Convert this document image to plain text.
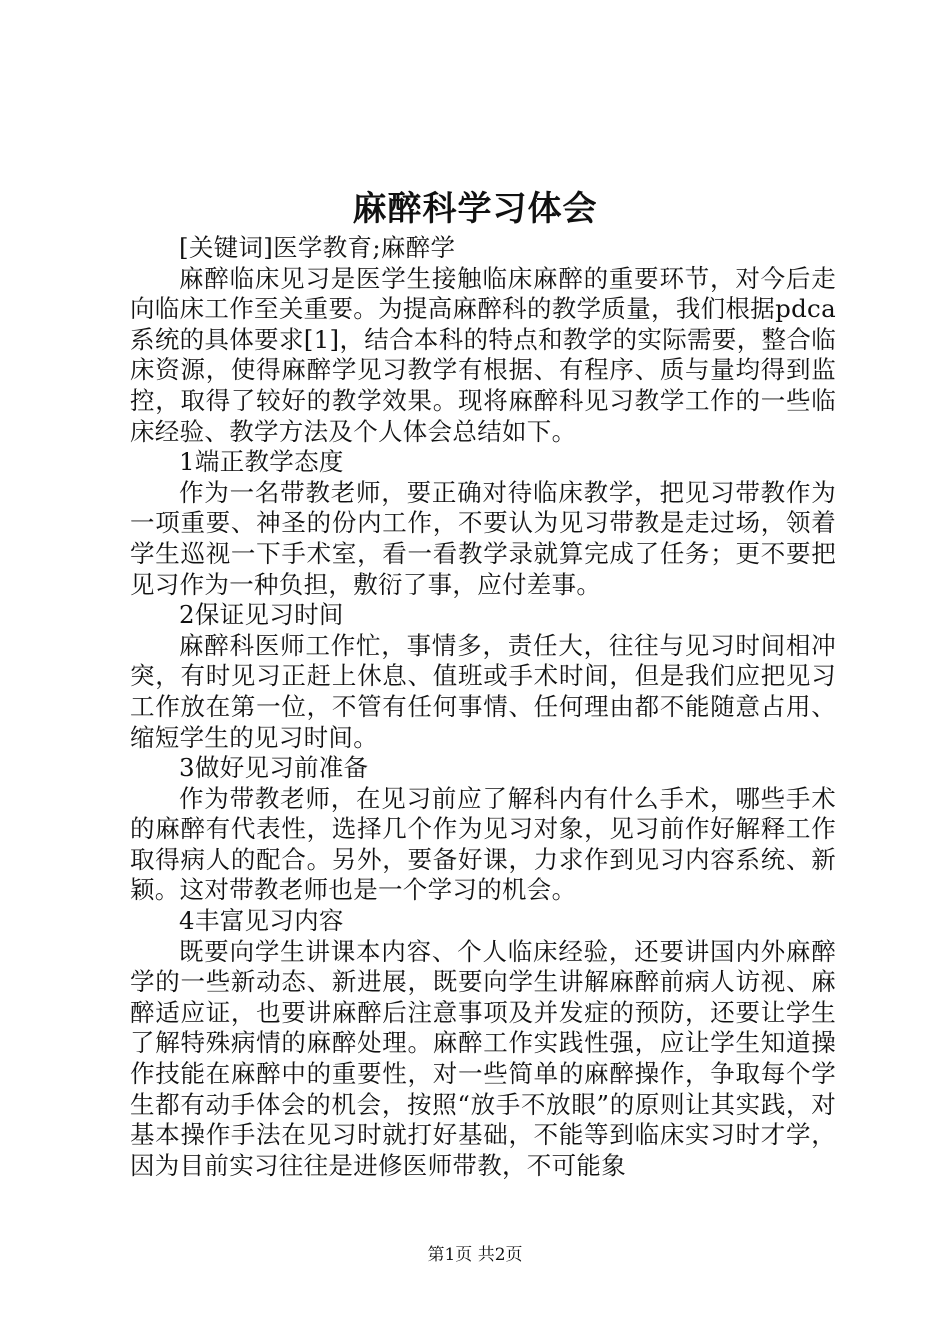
麻醉科学习体会

[关键词]医学教育;麻醉学

麻醉临床见习是医学生接触临床麻醉的重要环节，对今后走向临床工作至关重要。为提高麻醉科的教学质量，我们根据pdca系统的具体要求[1]，结合本科的特点和教学的实际需要，整合临床资源，使得麻醉学见习教学有根据、有程序、质与量均得到监控，取得了较好的教学效果。现将麻醉科见习教学工作的一些临床经验、教学方法及个人体会总结如下。

1端正教学态度

作为一名带教老师，要正确对待临床教学，把见习带教作为一项重要、神圣的份内工作，不要认为见习带教是走过场，领着学生巡视一下手术室，看一看教学录就算完成了任务；更不要把见习作为一种负担，敷衍了事，应付差事。

2保证见习时间

麻醉科医师工作忙，事情多，责任大，往往与见习时间相冲突，有时见习正赶上休息、值班或手术时间，但是我们应把见习工作放在第一位，不管有任何事情、任何理由都不能随意占用、缩短学生的见习时间。

3做好见习前准备

作为带教老师，在见习前应了解科内有什么手术，哪些手术的麻醉有代表性，选择几个作为见习对象，见习前作好解释工作取得病人的配合。另外，要备好课，力求作到见习内容系统、新颖。这对带教老师也是一个学习的机会。

4丰富见习内容

既要向学生讲课本内容、个人临床经验，还要讲国内外麻醉学的一些新动态、新进展，既要向学生讲解麻醉前病人访视、麻醉适应证，也要讲麻醉后注意事项及并发症的预防，还要让学生了解特殊病情的麻醉处理。麻醉工作实践性强，应让学生知道操作技能在麻醉中的重要性，对一些简单的麻醉操作，争取每个学生都有动手体会的机会，按照“放手不放眼”的原则让其实践，对基本操作手法在见习时就打好基础，不能等到临床实习时才学，因为目前实习往往是进修医师带教，不可能象

第1页 共2页
